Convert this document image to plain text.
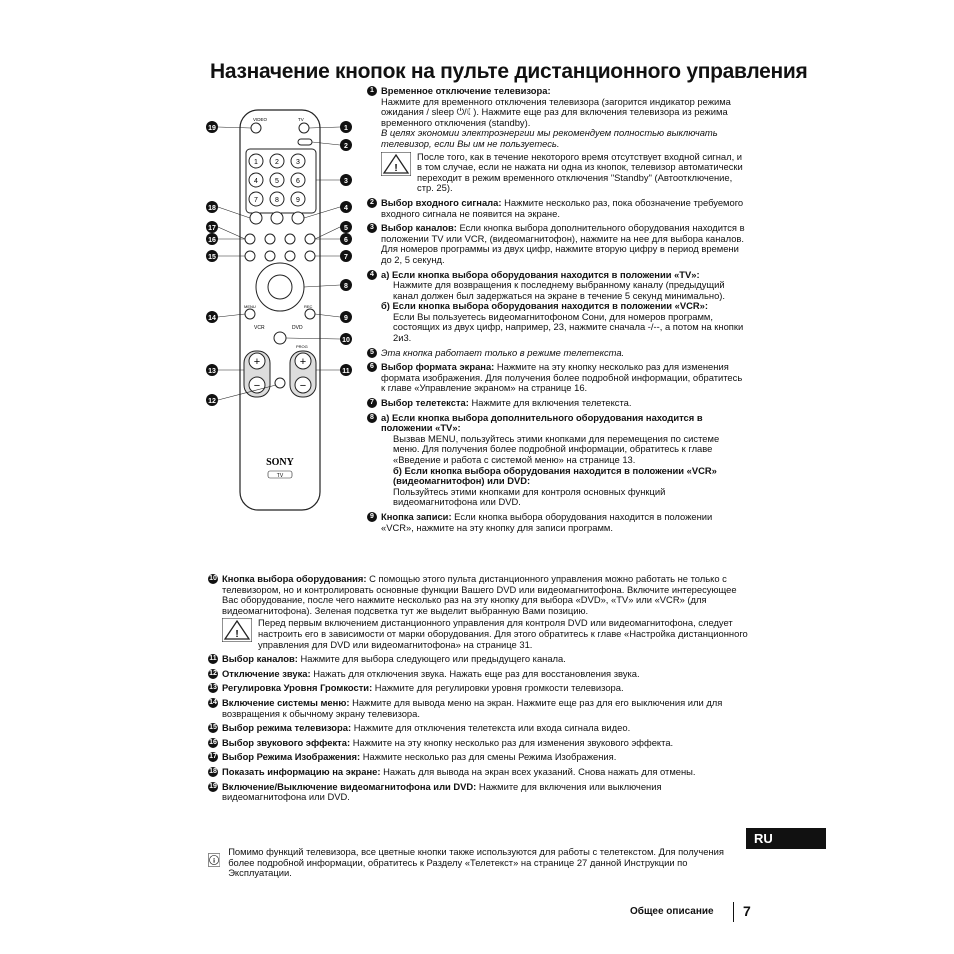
Назначение кнопок на пульте дистанционного управления
VIDEO	TV
1 2 3
4 5 6
7 8 9
MENU	REC
VCR	DVD
PROG
+
−
+
−
SONY
TV
1
2
3
4
5
6
7
8
9
10
11
19
18
17
16
15
14
13
12
1 Временное отключение телевизора:
Нажмите для временного отключения телевизора (загорится индикатор режима ожидания / sleep ⏻/☾). Нажмите еще раз для включения телевизора из режима временного отключения (standby).
В целях экономии электроэнергии мы рекомендуем полностью выключать телевизор, если Вы им не пользуетесь.
!
После того, как в течение некоторого время отсутствует входной сигнал, и в том случае, если не нажата ни одна из кнопок, телевизор автоматически переходит в режим временного отключения "Standby" (Автоотключение, стр. 25).
2 Выбор входного сигнала: Нажмите несколько раз, пока обозначение требуемого входного сигнала не появится на экране.
3 Выбор каналов: Если кнопка выбора дополнительного оборудования находится в положении TV или VCR, (видеомагнитофон), нажмите на нее для выбора каналов.
Для номеров программы из двух цифр, нажмите вторую цифру в период времени до 2, 5 секунд.
4 а) Если кнопка выбора оборудования находится в положении «TV»:
Нажмите для возвращения к последнему выбранному каналу (предыдущий канал должен был задержаться на экране в течение 5 секунд минимально).
б) Если кнопка выбора оборудования находится в положении «VCR»:
Если Вы пользуетесь видеомагнитофоном Сони, для номеров программ, состоящих из двух цифр, например, 23, нажмите сначала -/--, а потом на кнопки 2и3.
5 Эта кнопка работает только в режиме телетекста.
6 Выбор формата экрана: Нажмите на эту кнопку несколько раз для изменения формата изображения. Для получения более подробной информации, обратитесь к главе «Управление экраном» на странице 16.
7 Выбор телетекста: Нажмите для включения телетекста.
8 а) Если кнопка выбора дополнительного оборудования находится в положении «TV»:
Вызвав MENU, пользуйтесь этими кнопками для перемещения по системе меню. Для получения более подробной информации, обратитесь к главе «Введение и работа с системой меню» на странице 13.
б) Если кнопка выбора оборудования находится в положении «VCR» (видеомагнитофон) или DVD:
Пользуйтесь этими кнопками для контроля основных функций видеомагнитофона или DVD.
9 Кнопка записи: Если кнопка выбора оборудования находится в положении «VCR», нажмите на эту кнопку для записи программ.
10 Кнопка выбора оборудования: С помощью этого пульта дистанционного управления можно работать не только с телевизором, но и контролировать основные функции Вашего DVD или видеомагнитофона. Включите интересующее Вас оборудование, после чего нажмите несколько раз на эту кнопку для выбора «DVD», «TV» или «VCR» (для видеомагнитофона). Зеленая подсветка тут же выделит выбранную Вами позицию.
!
Перед первым включением дистанционного управления для контроля DVD или видеомагнитофона, следует настроить его в зависимости от марки оборудования. Для этого обратитесь к главе «Настройка дистанционного управления для DVD или видеомагнитофона» на странице 31.
11 Выбор каналов: Нажмите для выбора следующего или предыдущего канала.
12 Отключение звука: Нажать для отключения звука. Нажать еще раз для восстановления звука.
13 Регулировка Уровня Громкости: Нажмите для регулировки уровня громкости телевизора.
14 Включение системы меню: Нажмите для вывода меню на экран. Нажмите еще раз для его выключения или для возвращения к обычному экрану телевизора.
15 Выбор режима телевизора: Нажмите для отключения телетекста или входа сигнала видео.
16 Выбор звукового эффекта: Нажмите на эту кнопку несколько раз для изменения звукового эффекта.
17 Выбор Режима Изображения: Нажмите несколько раз для смены Режима Изображения.
18 Показать информацию на экране: Нажать для вывода на экран всех указаний. Снова нажать для отмены.
19 Включение/Выключение видеомагнитофона или DVD: Нажмите для включения или выключения видеомагнитофона или DVD.
RU
i
Помимо функций телевизора, все цветные кнопки также используются для работы с телетекстом. Для получения более подробной информации, обратитесь к Разделу «Телетекст» на странице 27 данной Инструкции по Эксплуатации.
Общее описание 7
